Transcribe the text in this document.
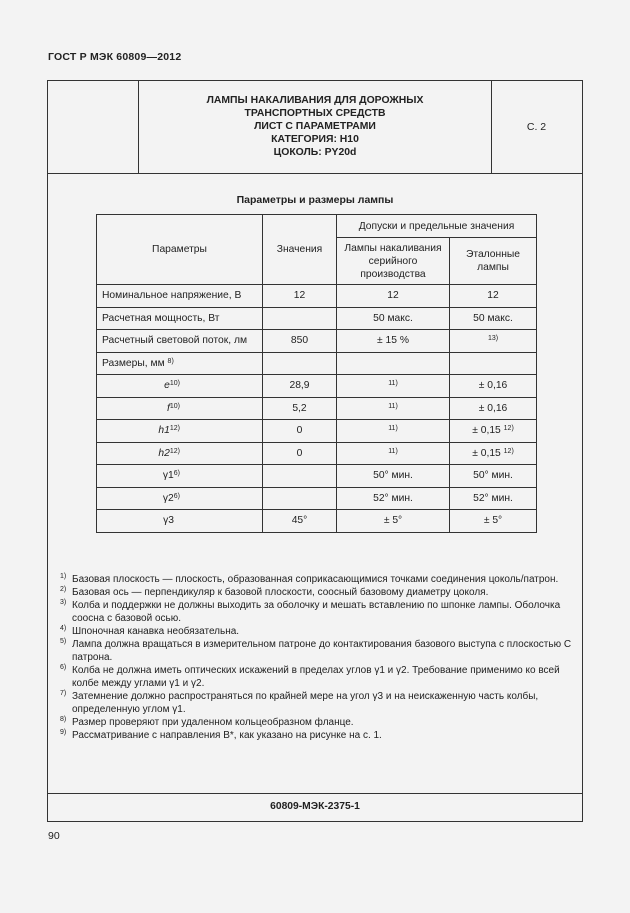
ГОСТ Р МЭК 60809—2012
ЛАМПЫ НАКАЛИВАНИЯ ДЛЯ ДОРОЖНЫХ
ТРАНСПОРТНЫХ СРЕДСТВ
ЛИСТ С ПАРАМЕТРАМИ
КАТЕГОРИЯ: Н10
ЦОКОЛЬ: PY20d
С. 2
Параметры и размеры лампы
Параметры	Значения	Допуски и предельные значения	
		Лампы накаливания серийного производства	Эталонные лампы
Номинальное напряжение, В	12	12	12
Расчетная мощность, Вт		50 макс.	50 макс.
Расчетный световой поток, лм	850	± 15 %	$^{13)}$
Размеры, мм $^{8)}$			
e$^{10)}$	28,9	$^{11)}$	± 0,16
f$^{10)}$	5,2	$^{11)}$	± 0,16
h1$^{12)}$	0	$^{11)}$	± 0,15 $^{12)}$
h2$^{12)}$	0	$^{11)}$	± 0,15 $^{12)}$
γ1$^{6)}$		50° мин.	50° мин.
γ2$^{6)}$		52° мин.	52° мин.
γ3	45°	± 5°	± 5°
1) Базовая плоскость — плоскость, образованная соприкасающимися точками соединения цоколь/патрон.
2) Базовая ось — перпендикуляр к базовой плоскости, соосный базовому диаметру цоколя.
3) Колба и поддержки не должны выходить за оболочку и мешать вставлению по шпонке лампы. Оболочка соосна с базовой осью.
4) Шпоночная канавка необязательна.
5) Лампа должна вращаться в измерительном патроне до контактирования базового выступа с плоскостью С патрона.
6) Колба не должна иметь оптических искажений в пределах углов γ1 и γ2. Требование применимо ко всей колбе между углами γ1 и γ2.
7) Затемнение должно распространяться по крайней мере на угол γ3 и на неискаженную часть колбы, определенную углом γ1.
8) Размер проверяют при удаленном кольцеобразном фланце.
9) Рассматривание с направления В*, как указано на рисунке на с. 1.
60809-МЭК-2375-1
90
